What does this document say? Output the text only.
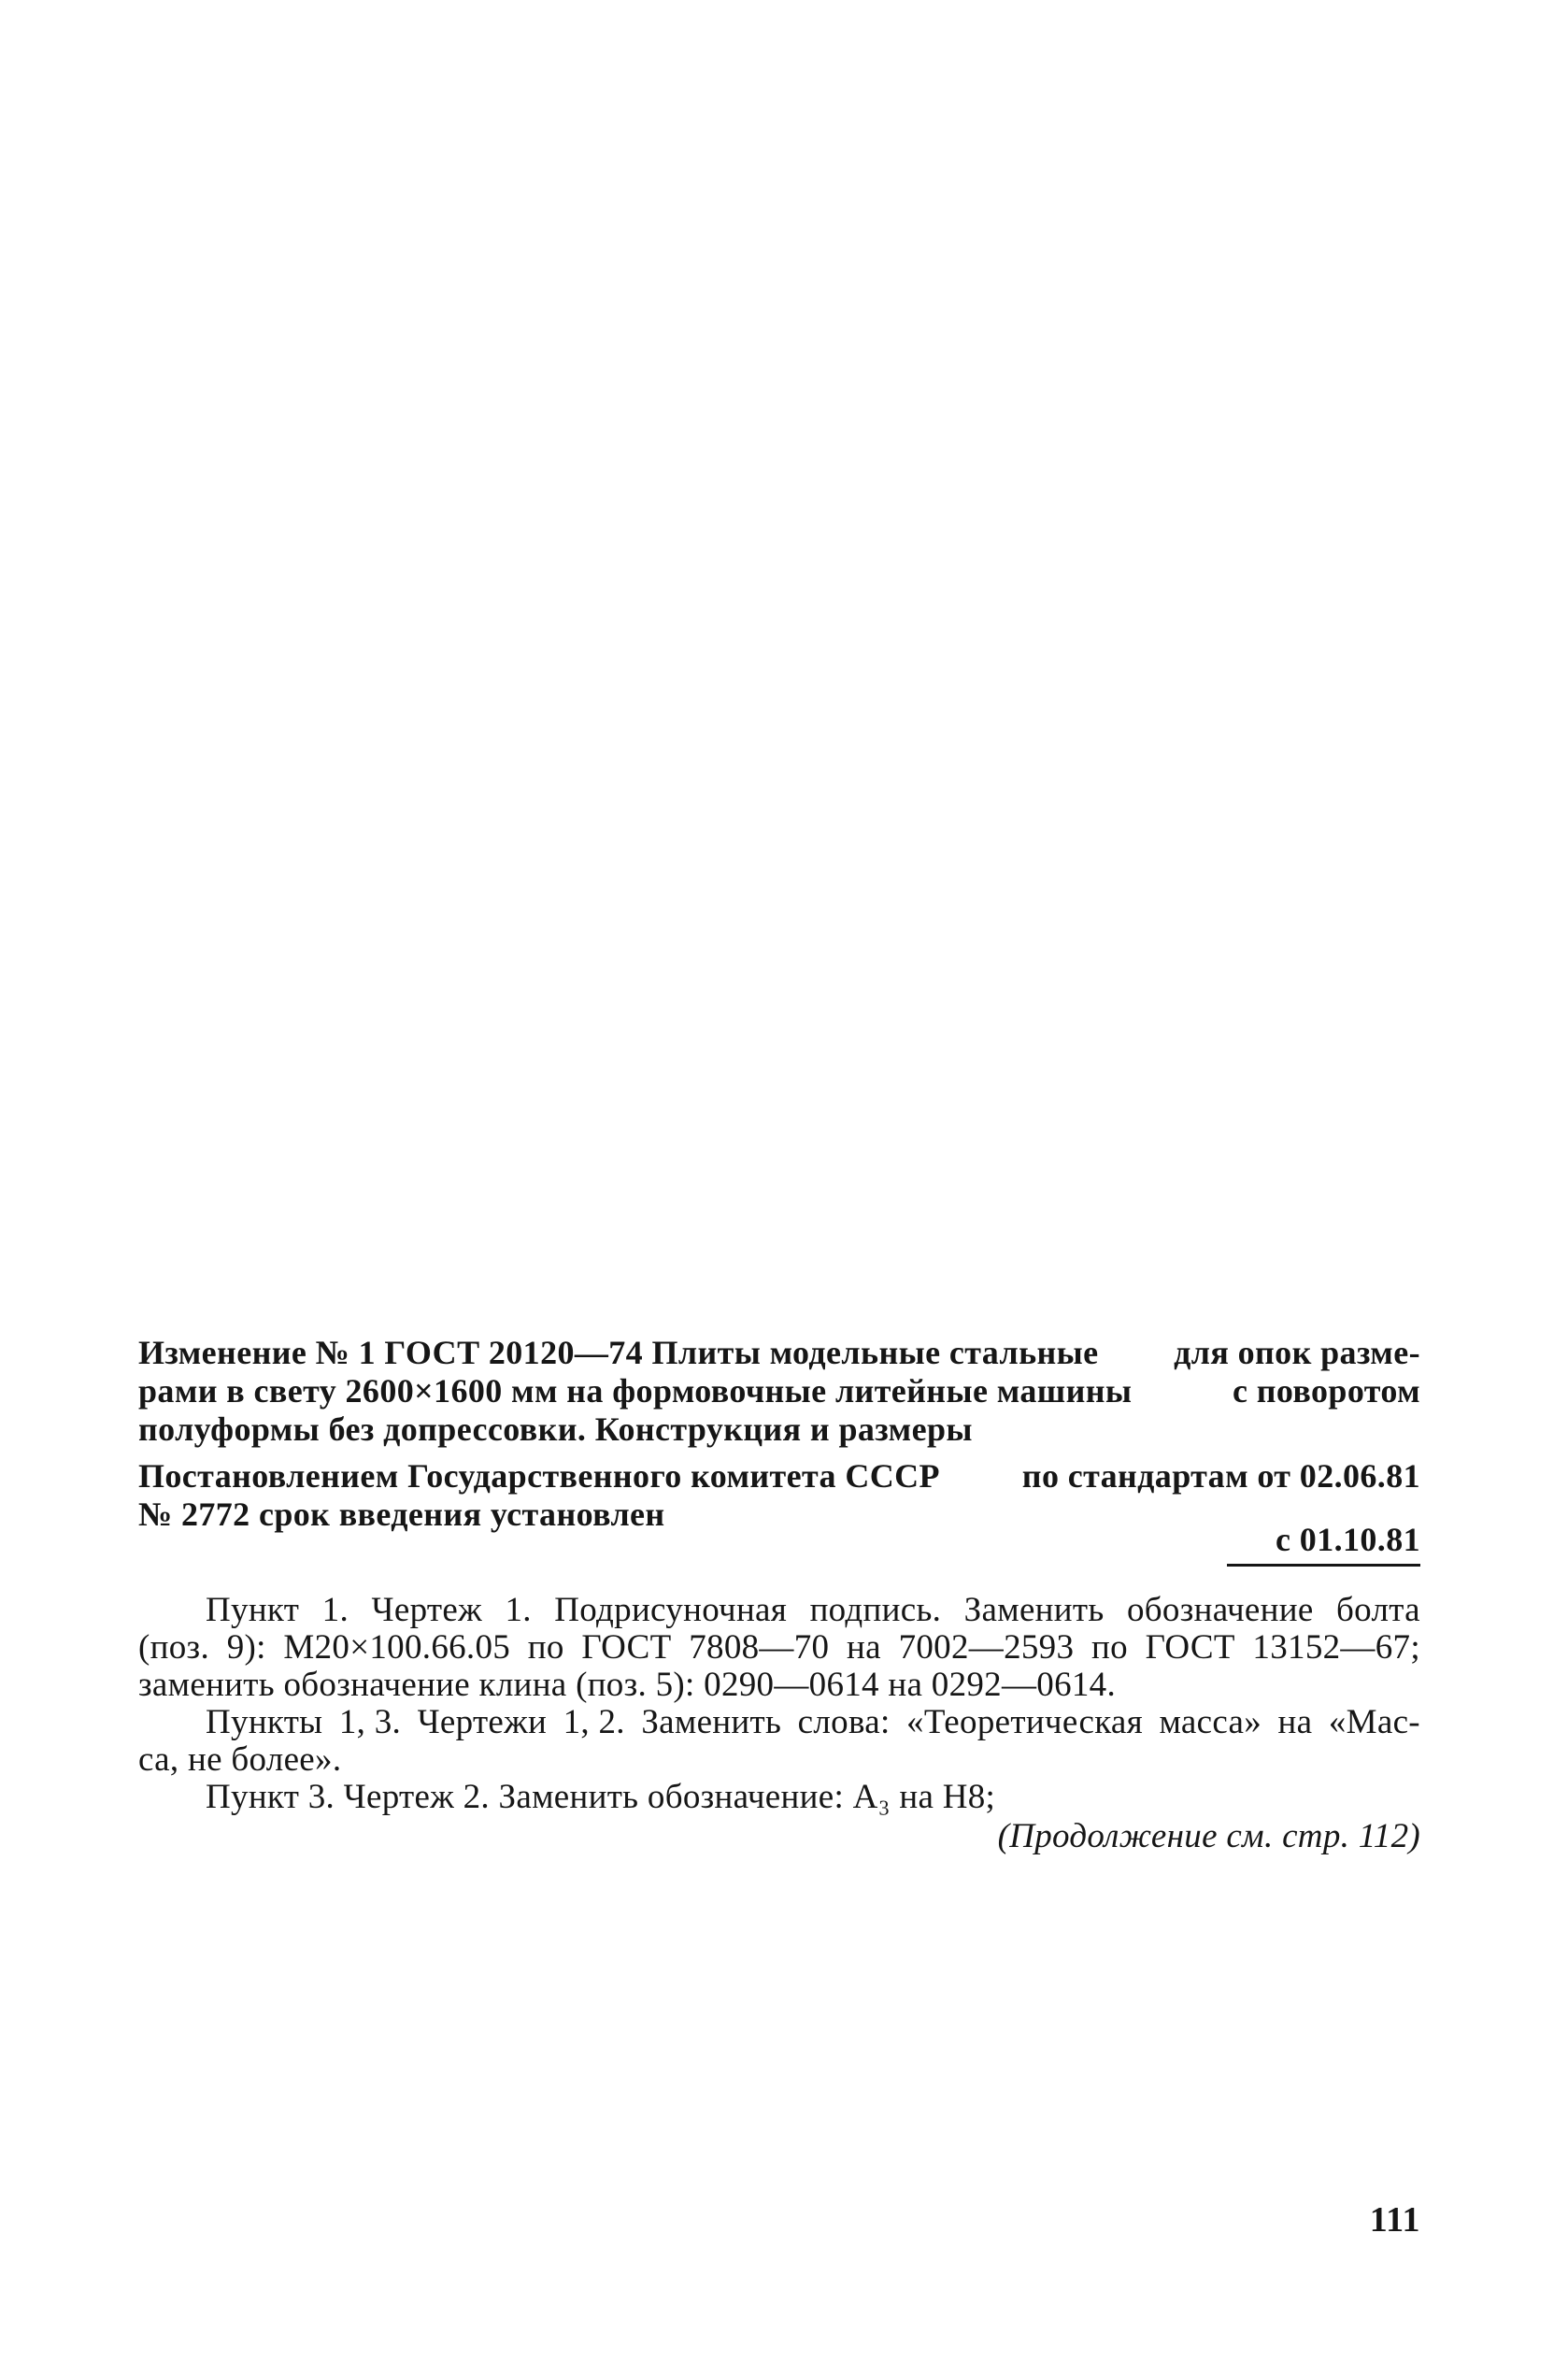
Изменение № 1 ГОСТ 20120—74 Плиты модельные стальные для опок разме-
рами в свету 2600×1600 мм на формовочные литейные машины	с поворотом
полуформы без допрессовки. Конструкция и размеры
Постановлением Государственного комитета СССР по стандартам от 02.06.81
№ 2772 срок введения установлен
с 01.10.81
Пункт 1. Чертеж 1. Подрисуночная подпись. Заменить обозначение болта
(поз. 9): М20×100.66.05 по ГОСТ 7808—70 на 7002—2593 по ГОСТ 13152—67;
заменить обозначение клина (поз. 5): 0290—0614 на 0292—0614.
Пункты 1, 3. Чертежи 1, 2. Заменить слова: «Теоретическая масса» на «Мас-
са, не более».
Пункт 3. Чертеж 2. Заменить обозначение: A₃ на H8;
(Продолжение см. стр. 112)
111
